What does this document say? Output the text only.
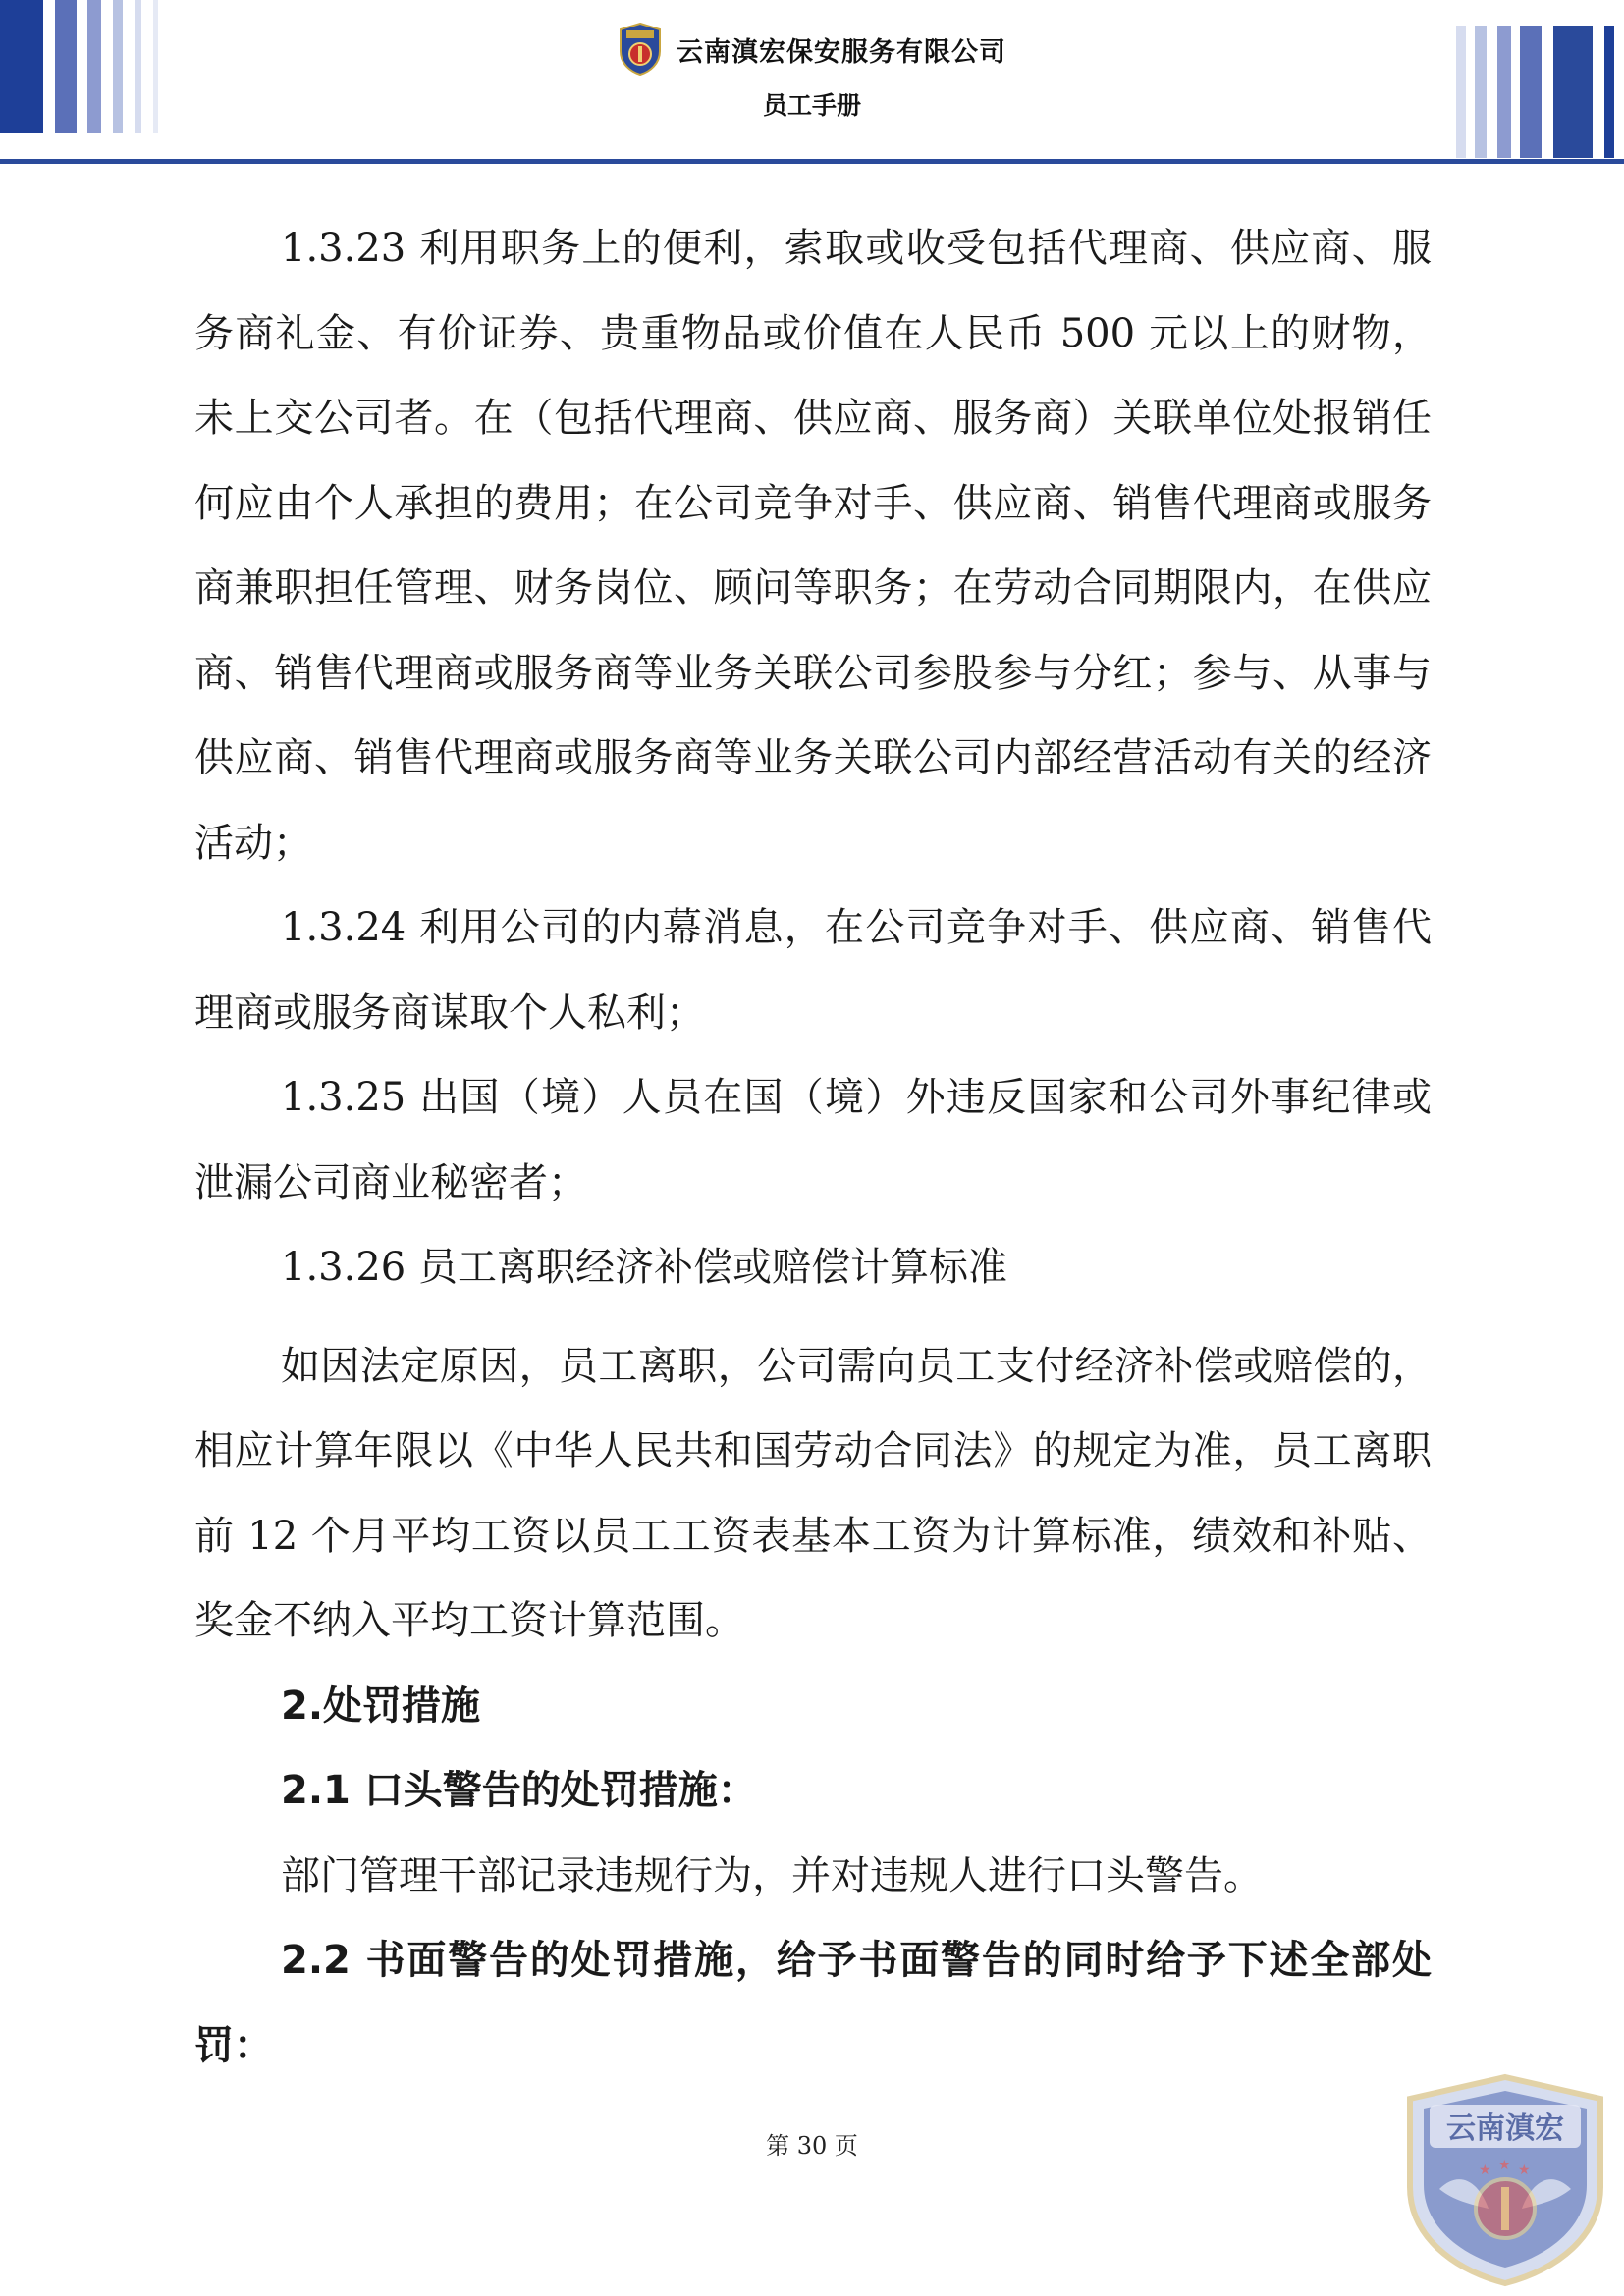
云南滇宏保安服务有限公司
员工手册

1.3.23 利用职务上的便利，索取或收受包括代理商、供应商、服务商礼金、有价证券、贵重物品或价值在人民币 500 元以上的财物，未上交公司者。在（包括代理商、供应商、服务商）关联单位处报销任何应由个人承担的费用；在公司竞争对手、供应商、销售代理商或服务商兼职担任管理、财务岗位、顾问等职务；在劳动合同期限内，在供应商、销售代理商或服务商等业务关联公司参股参与分红；参与、从事与供应商、销售代理商或服务商等业务关联公司内部经营活动有关的经济活动；

1.3.24 利用公司的内幕消息，在公司竞争对手、供应商、销售代理商或服务商谋取个人私利；

1.3.25 出国（境）人员在国（境）外违反国家和公司外事纪律或泄漏公司商业秘密者；

1.3.26 员工离职经济补偿或赔偿计算标准

如因法定原因，员工离职，公司需向员工支付经济补偿或赔偿的，相应计算年限以《中华人民共和国劳动合同法》的规定为准，员工离职前 12 个月平均工资以员工工资表基本工资为计算标准，绩效和补贴、奖金不纳入平均工资计算范围。

2.处罚措施

2.1 口头警告的处罚措施：

部门管理干部记录违规行为，并对违规人进行口头警告。

2.2 书面警告的处罚措施，给予书面警告的同时给予下述全部处罚：

第 30 页	云南滇宏
★ ★ ★
